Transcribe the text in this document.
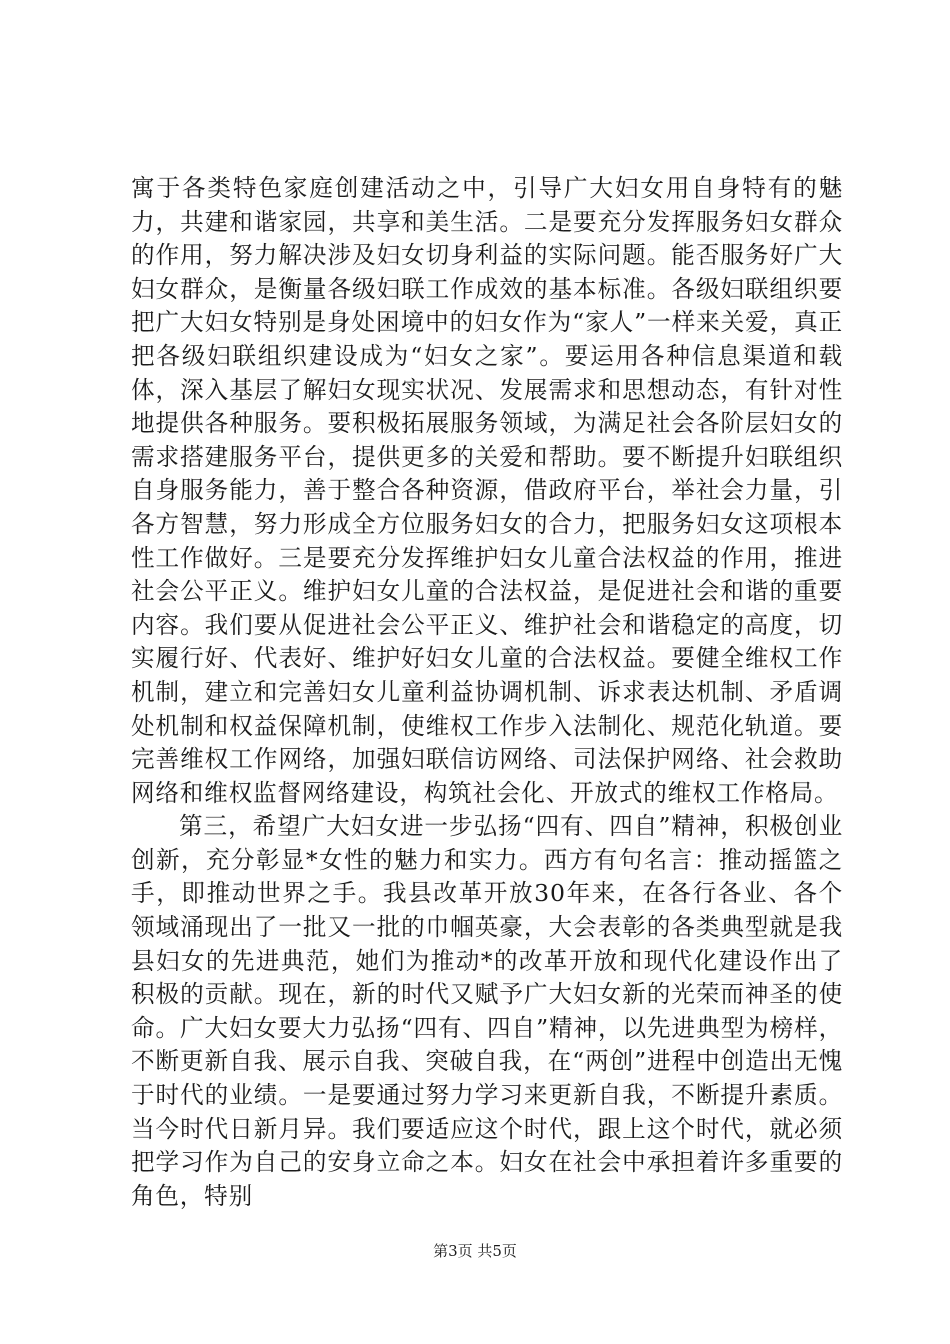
寓于各类特色家庭创建活动之中，引导广大妇女用自身特有的魅力，共建和谐家园，共享和美生活。二是要充分发挥服务妇女群众的作用，努力解决涉及妇女切身利益的实际问题。能否服务好广大妇女群众，是衡量各级妇联工作成效的基本标准。各级妇联组织要把广大妇女特别是身处困境中的妇女作为“家人”一样来关爱，真正把各级妇联组织建设成为“妇女之家”。要运用各种信息渠道和载体，深入基层了解妇女现实状况、发展需求和思想动态，有针对性地提供各种服务。要积极拓展服务领域，为满足社会各阶层妇女的需求搭建服务平台，提供更多的关爱和帮助。要不断提升妇联组织自身服务能力，善于整合各种资源，借政府平台，举社会力量，引各方智慧，努力形成全方位服务妇女的合力，把服务妇女这项根本性工作做好。三是要充分发挥维护妇女儿童合法权益的作用，推进社会公平正义。维护妇女儿童的合法权益，是促进社会和谐的重要内容。我们要从促进社会公平正义、维护社会和谐稳定的高度，切实履行好、代表好、维护好妇女儿童的合法权益。要健全维权工作机制，建立和完善妇女儿童利益协调机制、诉求表达机制、矛盾调处机制和权益保障机制，使维权工作步入法制化、规范化轨道。要完善维权工作网络，加强妇联信访网络、司法保护网络、社会救助网络和维权监督网络建设，构筑社会化、开放式的维权工作格局。

第三，希望广大妇女进一步弘扬“四有、四自”精神，积极创业创新，充分彰显*女性的魅力和实力。西方有句名言：推动摇篮之手，即推动世界之手。我县改革开放30年来，在各行各业、各个领域涌现出了一批又一批的巾帼英豪，大会表彰的各类典型就是我县妇女的先进典范，她们为推动*的改革开放和现代化建设作出了积极的贡献。现在，新的时代又赋予广大妇女新的光荣而神圣的使命。广大妇女要大力弘扬“四有、四自”精神，以先进典型为榜样，不断更新自我、展示自我、突破自我，在“两创”进程中创造出无愧于时代的业绩。一是要通过努力学习来更新自我，不断提升素质。当今时代日新月异。我们要适应这个时代，跟上这个时代，就必须把学习作为自己的安身立命之本。妇女在社会中承担着许多重要的角色，特别

第3页 共5页
